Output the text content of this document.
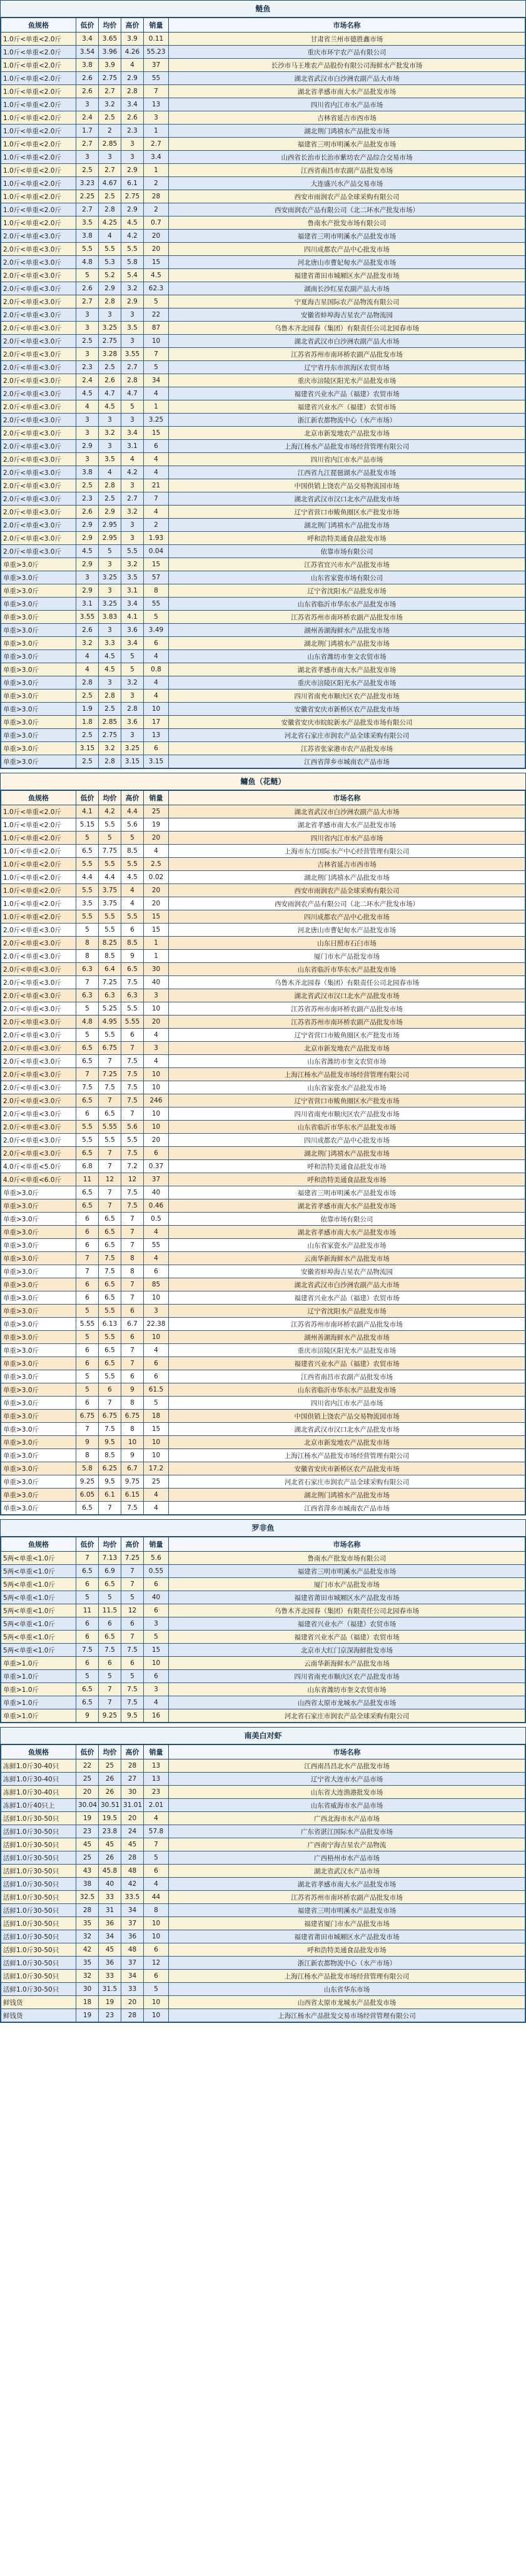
鲢鱼
鱼规格	低价	均价	高价	销量	市场名称
1.0斤<单重<2.0斤	3.4	3.65	3.9	0.11	甘肃省兰州市德胜鑫市场
1.0斤<单重<2.0斤	3.54	3.96	4.26	55.23	重庆市环宇农产品有限公司
1.0斤<单重<2.0斤	3.8	3.9	4	37	长沙市马王堆农产品股份有限公司海鲜水产批发市场
1.0斤<单重<2.0斤	2.6	2.75	2.9	55	湖北省武汉市白沙洲农副产品大市场
1.0斤<单重<2.0斤	2.6	2.7	2.8	7	湖北省孝感市南大水产品批发市场
1.0斤<单重<2.0斤	3	3.2	3.4	13	四川省内江市水产品市场
1.0斤<单重<2.0斤	2.4	2.5	2.6	3	吉林省延吉市西市场
1.0斤<单重<2.0斤	1.7	2	2.3	1	湖北荆门鸿禧水产品批发市场
1.0斤<单重<2.0斤	2.7	2.85	3	2.7	福建省三明市明溪水产品批发市场
1.0斤<单重<2.0斤	3	3	3	3.4	山西省长治市长治市紫坊农产品综合交易市场
1.0斤<单重<2.0斤	2.5	2.7	2.9	1	江西省南昌市农副产品批发市场
1.0斤<单重<2.0斤	3.23	4.67	6.1	2	大连盛兴水产品交易市场
1.0斤<单重<2.0斤	2.25	2.5	2.75	28	西安市雨润农产品全球采购有限公司
1.0斤<单重<2.0斤	2.7	2.8	2.9	2	西安雨润农产品有限公司（北二环水产批发市场）
1.0斤<单重<2.0斤	3.5	4.25	4.5	0.7	鲁南水产批发市场有限公司
2.0斤<单重<3.0斤	3.8	4	4.2	20	福建省三明市明溪水产品批发市场
2.0斤<单重<3.0斤	5.5	5.5	5.5	20	四川成都农产品中心批发市场
2.0斤<单重<3.0斤	4.8	5.3	5.8	15	河北唐山市曹妃甸水产品批发市场
2.0斤<单重<3.0斤	5	5.2	5.4	4.5	福建省莆田市城厢区水产品批发市场
2.0斤<单重<3.0斤	2.6	2.9	3.2	62.3	湖南长沙红星农副产品大市场
2.0斤<单重<3.0斤	2.7	2.8	2.9	5	宁夏海吉星国际农产品物流有限公司
2.0斤<单重<3.0斤	3	3	3	22	安徽省蚌埠海吉星农产品物流园
2.0斤<单重<3.0斤	3	3.25	3.5	87	乌鲁木齐北园春（集团）有限责任公司北园春市场
2.0斤<单重<3.0斤	2.5	2.75	3	10	湖北省武汉市白沙洲农副产品大市场
2.0斤<单重<3.0斤	3	3.28	3.55	7	江苏省苏州市南环桥农副产品批发市场
2.0斤<单重<3.0斤	2.3	2.5	2.7	5	辽宁省丹东市滨海区农贸市场
2.0斤<单重<3.0斤	2.4	2.6	2.8	34	重庆市涪陵区阳光水产品批发市场
2.0斤<单重<3.0斤	4.5	4.7	4.7	4	福建省兴业水产品（福建）农贸市场
2.0斤<单重<3.0斤	4	4.5	5	1	福建省兴业水产（福建）农贸市场
2.0斤<单重<3.0斤	3	3	3	3.25	浙江新农都物流中心（水产市场）
2.0斤<单重<3.0斤	3	3.2	3.4	15	北京市新发地农产品批发市场
2.0斤<单重<3.0斤	2.9	3	3.1	6	上海江杨水产品批发市场经营管理有限公司
2.0斤<单重<3.0斤	3	3.5	4	4	四川省内江市水产品市场
2.0斤<单重<3.0斤	3.8	4	4.2	4	江西省九江琵琶湖水产品批发市场
2.0斤<单重<3.0斤	2.5	2.8	3	21	中国供销上饶农产品交易物流园市场
2.0斤<单重<3.0斤	2.3	2.5	2.7	7	湖北省武汉市汉口北水产品批发市场
2.0斤<单重<3.0斤	2.6	2.9	3.2	4	辽宁省营口市鲅鱼圈区水产批发市场
2.0斤<单重<3.0斤	2.9	2.95	3	2	湖北荆门鸿禧水产品批发市场
2.0斤<单重<3.0斤	2.9	2.95	3	1.93	呼和浩特美通食品批发市场
2.0斤<单重<3.0斤	4.5	5	5.5	0.04	依靠市场有限公司
单重>3.0斤	2.9	3	3.2	15	江苏省宜兴市水产品批发市场
单重>3.0斤	3	3.25	3.5	57	山东省家瓷市场有限公司
单重>3.0斤	2.9	3	3.1	8	辽宁省沈阳水产品批发市场
单重>3.0斤	3.1	3.25	3.4	55	山东省临沂市华东水产品批发市场
单重>3.0斤	3.55	3.83	4.1	5	江苏省苏州市南环桥农副产品批发市场
单重>3.0斤	2.6	3	3.6	3.49	湖州善湖海鲜水产品批发市场
单重>3.0斤	3.2	3.3	3.4	6	湖北荆门鸿禧水产品批发市场
单重>3.0斤	4	4.5	5	4	山东省潍坊市奎文农贸市场
单重>3.0斤	4	4.5	5	0.8	湖北省孝感市南大水产品批发市场
单重>3.0斤	2.8	3	3.2	4	重庆市涪陵区阳光水产品批发市场
单重>3.0斤	2.5	2.8	3	4	四川省南充市顺庆区农产品批发市场
单重>3.0斤	1.9	2.5	2.8	10	安徽省安庆市新桥区农产品批发市场
单重>3.0斤	1.8	2.85	3.6	17	安徽省安庆市皖皖新水产品批发市场有限公司
单重>3.0斤	2.5	2.75	3	13	河北省石家庄市润农产品全球采购有限公司
单重>3.0斤	3.15	3.2	3.25	6	江苏省张家港市农产品批发市场
单重>3.0斤	2.5	2.8	3.15	3.15	江西省萍乡市城南农产品市场
鳙鱼（花鲢）
鱼规格	低价	均价	高价	销量	市场名称
1.0斤<单重<2.0斤	4.1	4.2	4.4	25	湖北省武汉市白沙洲农副产品大市场
1.0斤<单重<2.0斤	5.15	5.5	5.6	19	湖北省孝感市南大水产品批发市场
1.0斤<单重<2.0斤	5	5	5	20	四川省内江市水产品市场
1.0斤<单重<2.0斤	6.5	7.75	8.5	4	上海市东方国际水产中心经营管理有限公司
1.0斤<单重<2.0斤	5.5	5.5	5.5	2.5	吉林省延吉市西市场
1.0斤<单重<2.0斤	4.4	4.4	4.5	0.02	湖北荆门鸿禧水产品批发市场
1.0斤<单重<2.0斤	5.5	3.75	4	20	西安市雨润农产品全球采购有限公司
1.0斤<单重<2.0斤	3.5	3.75	4	20	西安雨润农产品有限公司（北二环水产批发市场）
1.0斤<单重<2.0斤	5.5	5.5	5.5	15	四川成都农产品中心批发市场
2.0斤<单重<3.0斤	5	5.5	6	15	河北唐山市曹妃甸水产品批发市场
2.0斤<单重<3.0斤	8	8.25	8.5	1	山东日照市石臼市场
2.0斤<单重<3.0斤	8	8.5	9	1	厦门市水产品批发市场
2.0斤<单重<3.0斤	6.3	6.4	6.5	30	山东省临沂市华东水产品批发市场
2.0斤<单重<3.0斤	7	7.25	7.5	40	乌鲁木齐北园春（集团）有限责任公司北园春市场
2.0斤<单重<3.0斤	6.3	6.3	6.3	3	湖北省武汉市汉口北水产品批发市场
2.0斤<单重<3.0斤	5	5.25	5.5	10	江苏省苏州市南环桥农副产品批发市场
2.0斤<单重<3.0斤	4.8	4.95	5.55	20	江苏省苏州市南环桥农副产品批发市场
2.0斤<单重<3.0斤	5	5.5	6	4	辽宁省营口市鲅鱼圈区水产批发市场
2.0斤<单重<3.0斤	6.5	6.75	7	3	北京市新发地农产品批发市场
2.0斤<单重<3.0斤	6.5	7	7.5	4	山东省潍坊市奎文农贸市场
2.0斤<单重<3.0斤	7	7.25	7.5	10	上海江杨水产品批发市场经营管理有限公司
2.0斤<单重<3.0斤	7.5	7.5	7.5	10	山东省家瓷水产品批发市场
2.0斤<单重<3.0斤	6.5	7	7.5	246	辽宁省营口市鲅鱼圈区水产批发市场
2.0斤<单重<3.0斤	6	6.5	7	10	四川省南充市顺庆区农产品批发市场
2.0斤<单重<3.0斤	5.5	5.55	5.6	10	山东省临沂市华东水产品批发市场
2.0斤<单重<3.0斤	5.5	5.5	5.5	20	四川成都农产品中心批发市场
2.0斤<单重<3.0斤	6.5	7	7.5	6	湖北荆门鸿禧水产品批发市场
4.0斤<单重<5.0斤	6.8	7	7.2	0.37	呼和浩特美通食品批发市场
4.0斤<单重<6.0斤	11	12	12	37	呼和浩特美通食品批发市场
单重>3.0斤	6.5	7	7.5	40	福建省三明市明溪水产品批发市场
单重>3.0斤	6.5	7	7.5	0.46	湖北省孝感市南大水产品批发市场
单重>3.0斤	6	6.5	7	0.5	依靠市场有限公司
单重>3.0斤	6	6.5	7	4	湖北省孝感市南大水产品批发市场
单重>3.0斤	6	6.5	7	55	山东省家瓷水产品批发市场
单重>3.0斤	7	7.5	8	4	云南华新海鲜水产品批发市场
单重>3.0斤	7	7.5	8	6	安徽省蚌埠海吉星农产品物流园
单重>3.0斤	6	6.5	7	85	湖北省武汉市白沙洲农副产品大市场
单重>3.0斤	6	6.5	7	10	福建省兴业水产品（福建）农贸市场
单重>3.0斤	5	5.5	6	3	辽宁省沈阳水产品批发市场
单重>3.0斤	5.55	6.13	6.7	22.38	江苏省苏州市南环桥农副产品批发市场
单重>3.0斤	5	5.5	6	10	湖州善湖海鲜水产品批发市场
单重>3.0斤	6	6.5	7	4	重庆市涪陵区阳光水产品批发市场
单重>3.0斤	6	6.5	7	6	福建省兴业水产品（福建）农贸市场
单重>3.0斤	5	5.5	6	6	江西省南昌市农副产品批发市场
单重>3.0斤	5	6	9	61.5	山东省临沂市华东水产品批发市场
单重>3.0斤	6	7	8	5	四川省内江市水产品市场
单重>3.0斤	6.75	6.75	6.75	18	中国供销上饶农产品交易物流园市场
单重>3.0斤	7	7.5	8	15	湖北省武汉市汉口北水产品批发市场
单重>3.0斤	9	9.5	10	10	北京市新发地农产品批发市场
单重>3.0斤	8	8.5	9	10	上海江杨水产品批发市场经营管理有限公司
单重>3.0斤	5.8	6.25	6.7	17.2	安徽省安庆市新桥区农产品批发市场
单重>3.0斤	9.25	9.5	9.75	25	河北省石家庄市润农产品全球采购有限公司
单重>3.0斤	6.05	6.1	6.15	4	湖北荆门鸿禧水产品批发市场
单重>3.0斤	6.5	7	7.5	4	江西省萍乡市城南农产品市场
罗非鱼
鱼规格	低价	均价	高价	销量	市场名称
5两<单重<1.0斤	7	7.13	7.25	5.6	鲁南水产批发市场有限公司
5两<单重<1.0斤	6.5	6.9	7	0.55	福建省三明市明溪水产品批发市场
5两<单重<1.0斤	6	6.5	7	6	厦门市水产品批发市场
5两<单重<1.0斤	5	5	5	40	福建省莆田市城厢区水产品批发市场
5两<单重<1.0斤	11	11.5	12	6	乌鲁木齐北园春（集团）有限责任公司北园春市场
5两<单重<1.0斤	6	6	6	3	福建省兴业水产（福建）农贸市场
5两<单重<1.0斤	6	6.5	7	5	福建省兴业水产品（福建）农贸市场
5两<单重<1.0斤	7.5	7.5	7.5	15	北京市大红门京深海鲜批发市场
单重>1.0斤	6	6	6	10	云南华新海鲜水产品批发市场
单重>1.0斤	5	5	5	6	四川省南充市顺庆区农产品批发市场
单重>1.0斤	6.5	7	7.5	3	山东省潍坊市奎文农贸市场
单重>1.0斤	6.5	7	7.5	4	山西省太原市龙城水产品批发市场
单重>1.0斤	9	9.25	9.5	16	河北省石家庄市润农产品全球采购有限公司
南美白对虾
鱼规格	低价	均价	高价	销量	市场名称
冻鲜1.0斤30-40只	22	25	28	13	江西南昌昌北水产品批发市场
冻鲜1.0斤30-40只	25	26	27	13	辽宁省大连市水产品市场
冻鲜1.0斤30-40只	20	26	30	23	山东省大连渔港批发市场
冻鲜1.0斤40只上	30.04	30.51	31.01	2.01	山东省威海市水产品市场
活鲜1.0斤30-50只	19	19.5	20	4	广西北海市水产品市场
活鲜1.0斤30-50只	23	23.8	24	57.8	广东省湛江国际水产品批发市场
活鲜1.0斤30-50只	45	45	45	7	广西南宁海吉星农产品物流
活鲜1.0斤30-50只	25	26	28	5	广西梧州市水产品市场
活鲜1.0斤30-50只	43	45.8	48	6	湖北省武汉水产品市场
活鲜1.0斤30-50只	38	40	42	4	湖北省孝感市南大水产品批发市场
活鲜1.0斤30-50只	32.5	33	33.5	44	江苏省苏州市南环桥农副产品批发市场
活鲜1.0斤30-50只	28	31	34	8	福建省三明市明溪水产品批发市场
活鲜1.0斤30-50只	35	36	37	10	福建省厦门市水产品批发市场
活鲜1.0斤30-50只	32	34	36	10	福建省莆田市城厢区水产品批发市场
活鲜1.0斤30-50只	42	45	48	6	呼和浩特美通食品批发市场
活鲜1.0斤30-50只	35	36	37	12	浙江新农都物流中心（水产市场）
活鲜1.0斤30-50只	32	33	34	6	上海江杨水产品批发市场经营管理有限公司
活鲜1.0斤30-50只	30	31.5	33	5	山东省华东市场
鲜钱货	18	19	20	10	山西省太原市龙城水产品批发市场
鲜钱货	19	23	28	10	上海江杨水产品批发交易市场经营管理有限公司
